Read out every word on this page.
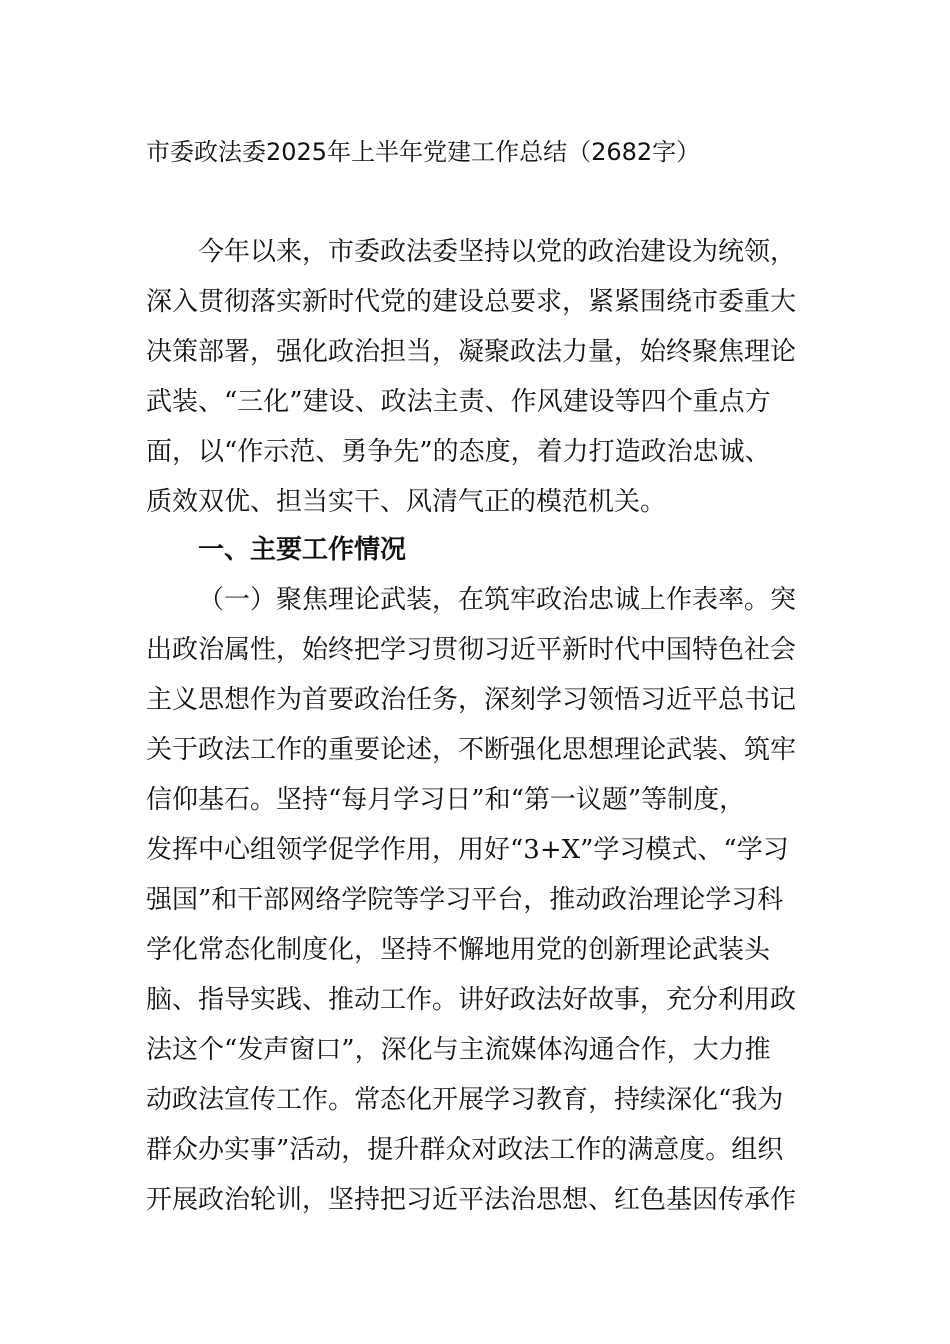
市委政法委2025年上半年党建工作总结（2682字）
今年以来，市委政法委坚持以党的政治建设为统领，
深入贯彻落实新时代党的建设总要求，紧紧围绕市委重大
决策部署，强化政治担当，凝聚政法力量，始终聚焦理论
武装、“三化”建设、政法主责、作风建设等四个重点方
面，以“作示范、勇争先”的态度，着力打造政治忠诚、
质效双优、担当实干、风清气正的模范机关。
一、主要工作情况
（一）聚焦理论武装，在筑牢政治忠诚上作表率。突
出政治属性，始终把学习贯彻习近平新时代中国特色社会
主义思想作为首要政治任务，深刻学习领悟习近平总书记
关于政法工作的重要论述，不断强化思想理论武装、筑牢
信仰基石。坚持“每月学习日”和“第一议题”等制度，
发挥中心组领学促学作用，用好“3+X”学习模式、“学习
强国”和干部网络学院等学习平台，推动政治理论学习科
学化常态化制度化，坚持不懈地用党的创新理论武装头
脑、指导实践、推动工作。讲好政法好故事，充分利用政
法这个“发声窗口”，深化与主流媒体沟通合作，大力推
动政法宣传工作。常态化开展学习教育，持续深化“我为
群众办实事”活动，提升群众对政法工作的满意度。组织
开展政治轮训，坚持把习近平法治思想、红色基因传承作
